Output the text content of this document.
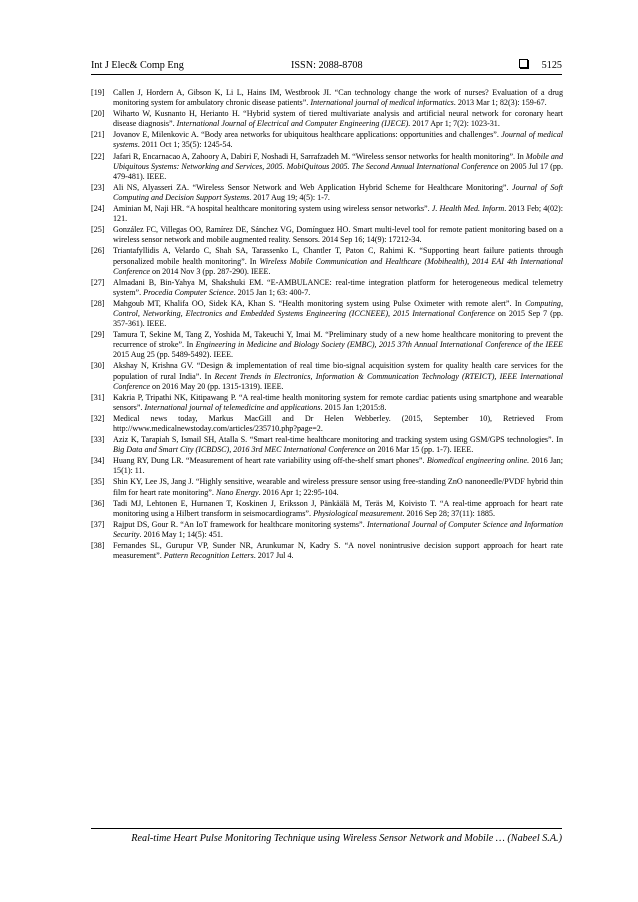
Int J Elec& Comp Eng	ISSN: 2088-8708	5125
[19] Callen J, Hordern A, Gibson K, Li L, Hains IM, Westbrook JI. “Can technology change the work of nurses? Evaluation of a drug monitoring system for ambulatory chronic disease patients”. International journal of medical informatics. 2013 Mar 1; 82(3): 159-67.
[20] Wiharto W, Kusnanto H, Herianto H. “Hybrid system of tiered multivariate analysis and artificial neural network for coronary heart disease diagnosis”. International Journal of Electrical and Computer Engineering (IJECE). 2017 Apr 1; 7(2): 1023-31.
[21] Jovanov E, Milenkovic A. “Body area networks for ubiquitous healthcare applications: opportunities and challenges”. Journal of medical systems. 2011 Oct 1; 35(5): 1245-54.
[22] Jafari R, Encarnacao A, Zahoory A, Dabiri F, Noshadi H, Sarrafzadeh M. “Wireless sensor networks for health monitoring”. In Mobile and Ubiquitous Systems: Networking and Services, 2005. MobiQuitous 2005. The Second Annual International Conference on 2005 Jul 17 (pp. 479-481). IEEE.
[23] Ali NS, Alyasseri ZA. “Wireless Sensor Network and Web Application Hybrid Scheme for Healthcare Monitoring”. Journal of Soft Computing and Decision Support Systems. 2017 Aug 19; 4(5): 1-7.
[24] Aminian M, Naji HR. “A hospital healthcare monitoring system using wireless sensor networks”. J. Health Med. Inform. 2013 Feb; 4(02): 121.
[25] González FC, Villegas OO, Ramírez DE, Sánchez VG, Domínguez HO. Smart multi-level tool for remote patient monitoring based on a wireless sensor network and mobile augmented reality. Sensors. 2014 Sep 16; 14(9): 17212-34.
[26] Triantafyllidis A, Velardo C, Shah SA, Tarassenko L, Chantler T, Paton C, Rahimi K. “Supporting heart failure patients through personalized mobile health monitoring”. In Wireless Mobile Communication and Healthcare (Mobihealth), 2014 EAI 4th International Conference on 2014 Nov 3 (pp. 287-290). IEEE.
[27] Almadani B, Bin-Yahya M, Shakshuki EM. “E-AMBULANCE: real-time integration platform for heterogeneous medical telemetry system”. Procedia Computer Science. 2015 Jan 1; 63: 400-7.
[28] Mahgoub MT, Khalifa OO, Sidek KA, Khan S. “Health monitoring system using Pulse Oximeter with remote alert”. In Computing, Control, Networking, Electronics and Embedded Systems Engineering (ICCNEEE), 2015 International Conference on 2015 Sep 7 (pp. 357-361). IEEE.
[29] Tamura T, Sekine M, Tang Z, Yoshida M, Takeuchi Y, Imai M. “Preliminary study of a new home healthcare monitoring to prevent the recurrence of stroke”. In Engineering in Medicine and Biology Society (EMBC), 2015 37th Annual International Conference of the IEEE 2015 Aug 25 (pp. 5489-5492). IEEE.
[30] Akshay N, Krishna GV. “Design & implementation of real time bio-signal acquisition system for quality health care services for the population of rural India”. In Recent Trends in Electronics, Information & Communication Technology (RTEICT), IEEE International Conference on 2016 May 20 (pp. 1315-1319). IEEE.
[31] Kakria P, Tripathi NK, Kitipawang P. “A real-time health monitoring system for remote cardiac patients using smartphone and wearable sensors”. International journal of telemedicine and applications. 2015 Jan 1;2015:8.
[32] Medical news today, Markus MacGill and Dr Helen Webberley. (2015, September 10), Retrieved From http://www.medicalnewstoday.com/articles/235710.php?page=2.
[33] Aziz K, Tarapiah S, Ismail SH, Atalla S. “Smart real-time healthcare monitoring and tracking system using GSM/GPS technologies”. In Big Data and Smart City (ICBDSC), 2016 3rd MEC International Conference on 2016 Mar 15 (pp. 1-7). IEEE.
[34] Huang RY, Dung LR. “Measurement of heart rate variability using off-the-shelf smart phones”. Biomedical engineering online. 2016 Jan; 15(1): 11.
[35] Shin KY, Lee JS, Jang J. “Highly sensitive, wearable and wireless pressure sensor using free-standing ZnO nanoneedle/PVDF hybrid thin film for heart rate monitoring”. Nano Energy. 2016 Apr 1; 22:95-104.
[36] Tadi MJ, Lehtonen E, Hurnanen T, Koskinen J, Eriksson J, Pänkäälä M, Teräs M, Koivisto T. “A real-time approach for heart rate monitoring using a Hilbert transform in seismocardiograms”. Physiological measurement. 2016 Sep 28; 37(11): 1885.
[37] Rajput DS, Gour R. “An IoT framework for healthcare monitoring systems”. International Journal of Computer Science and Information Security. 2016 May 1; 14(5): 451.
[38] Fernandes SL, Gurupur VP, Sunder NR, Arunkumar N, Kadry S. “A novel nonintrusive decision support approach for heart rate measurement”. Pattern Recognition Letters. 2017 Jul 4.
Real-time Heart Pulse Monitoring Technique using Wireless Sensor Network and Mobile … (Nabeel S.A.)
